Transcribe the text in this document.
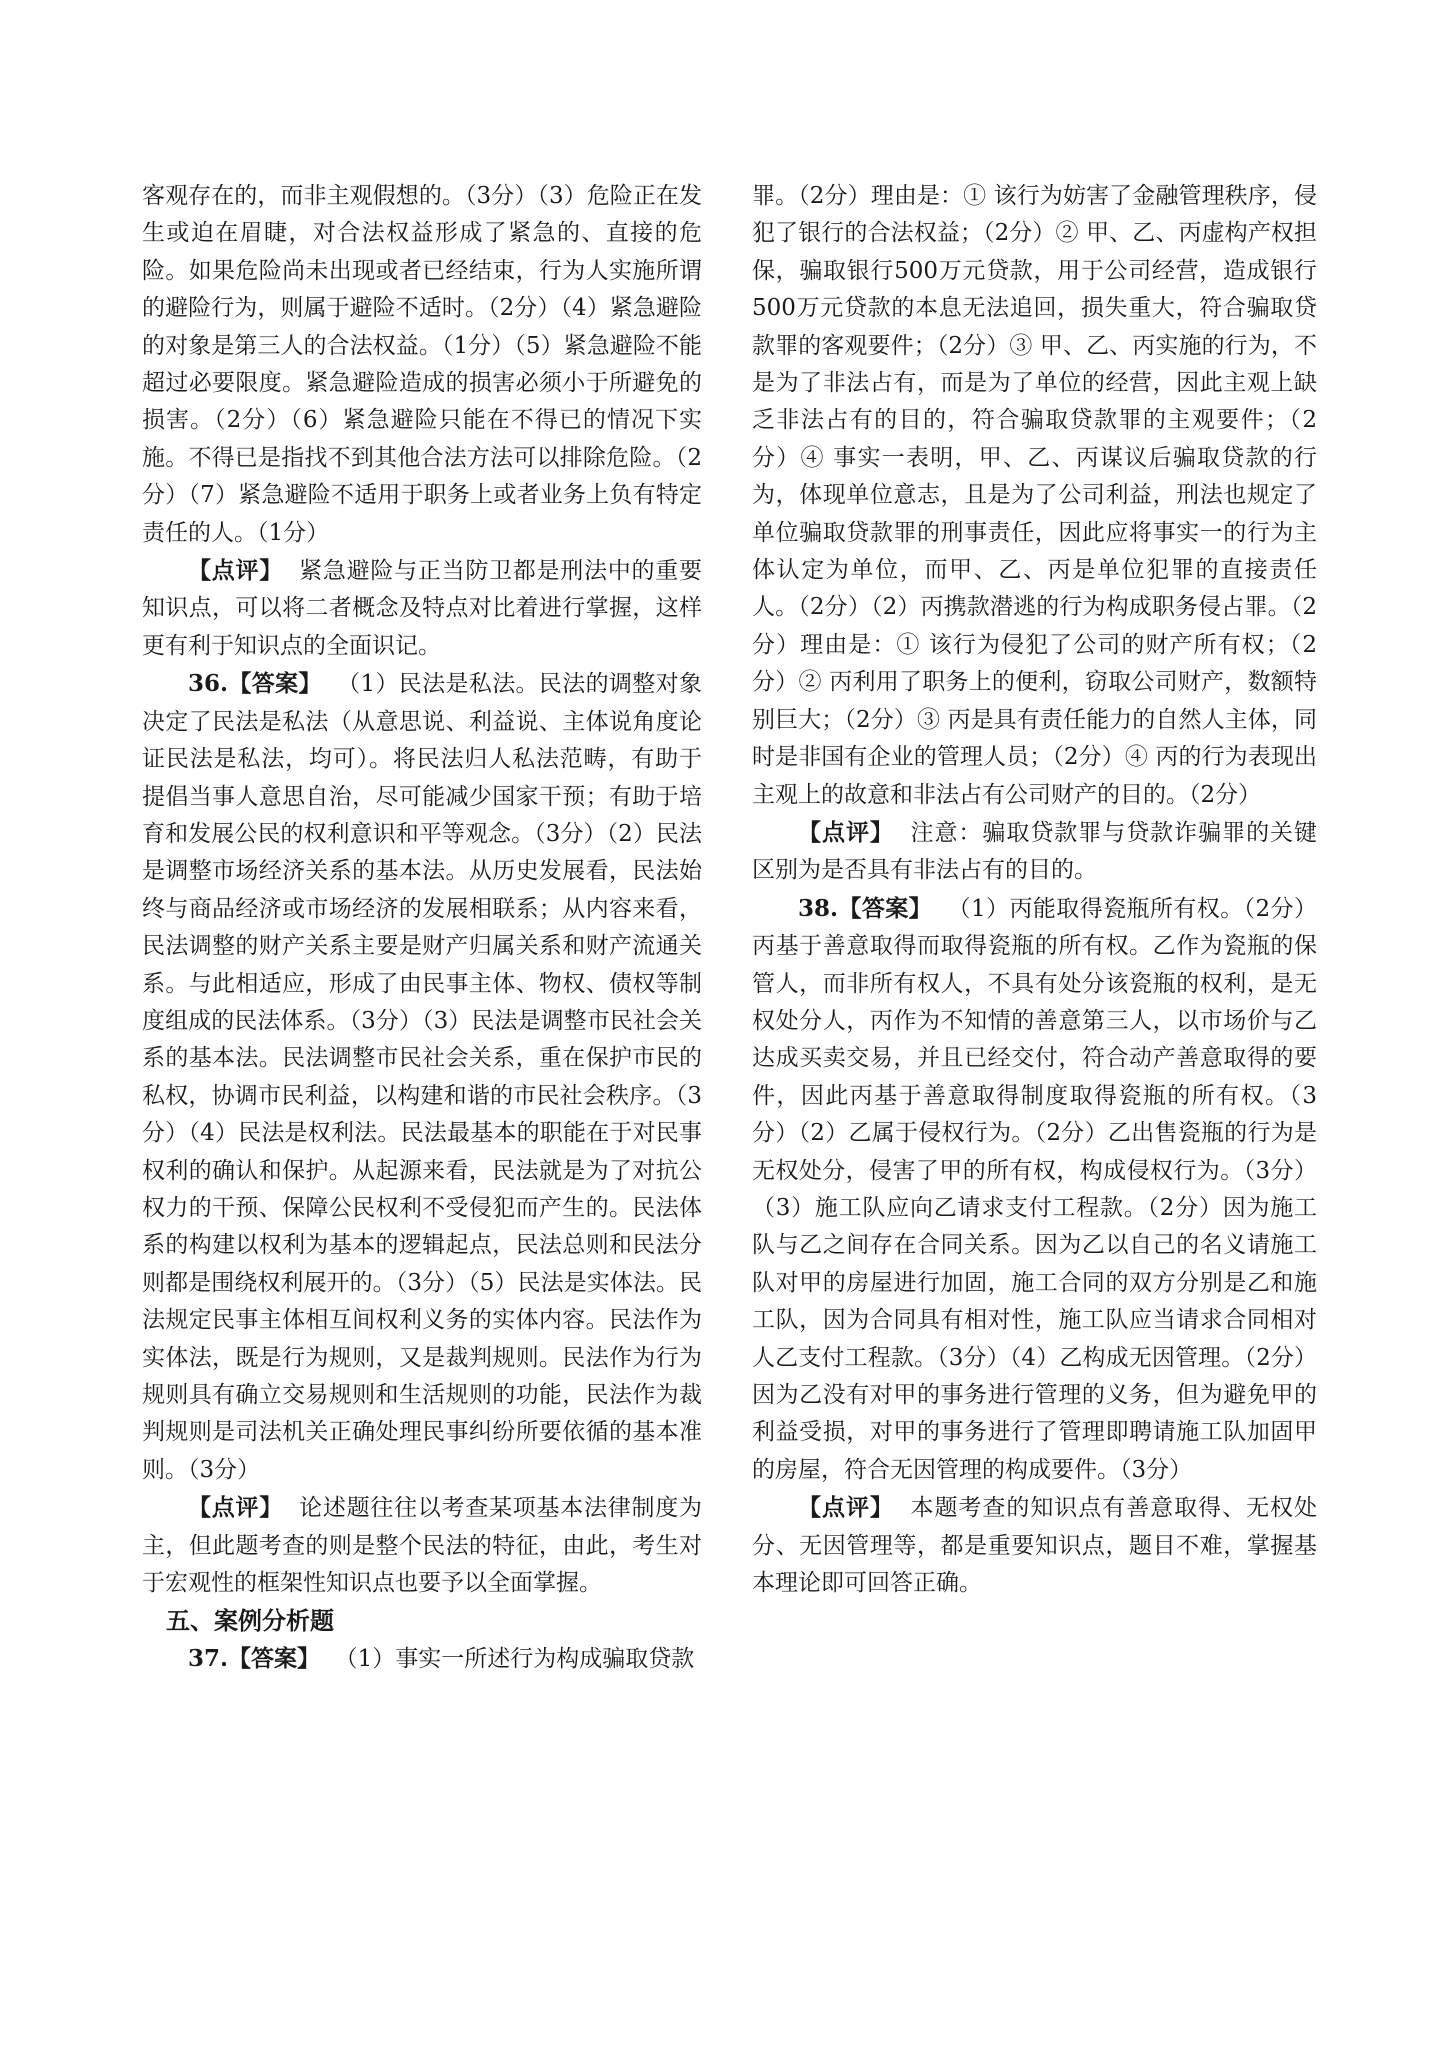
客观存在的，而非主观假想的。（3分）（3）危险正在发生或迫在眉睫，对合法权益形成了紧急的、直接的危险。如果危险尚未出现或者已经结束，行为人实施所谓的避险行为，则属于避险不适时。（2分）（4）紧急避险的对象是第三人的合法权益。（1分）（5）紧急避险不能超过必要限度。紧急避险造成的损害必须小于所避免的损害。（2分）（6）紧急避险只能在不得已的情况下实施。不得已是指找不到其他合法方法可以排除危险。（2分）（7）紧急避险不适用于职务上或者业务上负有特定责任的人。（1分）

【点评】 紧急避险与正当防卫都是刑法中的重要知识点，可以将二者概念及特点对比着进行掌握，这样更有利于知识点的全面识记。

36.【答案】 （1）民法是私法。民法的调整对象决定了民法是私法（从意思说、利益说、主体说角度论证民法是私法，均可）。将民法归人私法范畴，有助于提倡当事人意思自治，尽可能减少国家干预；有助于培育和发展公民的权利意识和平等观念。（3分）（2）民法是调整市场经济关系的基本法。从历史发展看，民法始终与商品经济或市场经济的发展相联系；从内容来看，民法调整的财产关系主要是财产归属关系和财产流通关系。与此相适应，形成了由民事主体、物权、债权等制度组成的民法体系。（3分）（3）民法是调整市民社会关系的基本法。民法调整市民社会关系，重在保护市民的私权，协调市民利益，以构建和谐的市民社会秩序。（3分）（4）民法是权利法。民法最基本的职能在于对民事权利的确认和保护。从起源来看，民法就是为了对抗公权力的干预、保障公民权利不受侵犯而产生的。民法体系的构建以权利为基本的逻辑起点，民法总则和民法分则都是围绕权利展开的。（3分）（5）民法是实体法。民法规定民事主体相互间权利义务的实体内容。民法作为实体法，既是行为规则，又是裁判规则。民法作为行为规则具有确立交易规则和生活规则的功能，民法作为裁判规则是司法机关正确处理民事纠纷所要依循的基本准则。（3分）

【点评】 论述题往往以考查某项基本法律制度为主，但此题考查的则是整个民法的特征，由此，考生对于宏观性的框架性知识点也要予以全面掌握。

五、案例分析题

37.【答案】 （1）事实一所述行为构成骗取贷款

罪。（2分）理由是：① 该行为妨害了金融管理秩序，侵犯了银行的合法权益；（2分）② 甲、乙、丙虚构产权担保，骗取银行500万元贷款，用于公司经营，造成银行500万元贷款的本息无法追回，损失重大，符合骗取贷款罪的客观要件；（2分）③ 甲、乙、丙实施的行为，不是为了非法占有，而是为了单位的经营，因此主观上缺乏非法占有的目的，符合骗取贷款罪的主观要件；（2分）④ 事实一表明，甲、乙、丙谋议后骗取贷款的行为，体现单位意志，且是为了公司利益，刑法也规定了单位骗取贷款罪的刑事责任，因此应将事实一的行为主体认定为单位，而甲、乙、丙是单位犯罪的直接责任人。（2分）（2）丙携款潜逃的行为构成职务侵占罪。（2分）理由是：① 该行为侵犯了公司的财产所有权；（2分）② 丙利用了职务上的便利，窃取公司财产，数额特别巨大；（2分）③ 丙是具有责任能力的自然人主体，同时是非国有企业的管理人员；（2分）④ 丙的行为表现出主观上的故意和非法占有公司财产的目的。（2分）

【点评】 注意：骗取贷款罪与贷款诈骗罪的关键区别为是否具有非法占有的目的。

38.【答案】 （1）丙能取得瓷瓶所有权。（2分）丙基于善意取得而取得瓷瓶的所有权。乙作为瓷瓶的保管人，而非所有权人，不具有处分该瓷瓶的权利，是无权处分人，丙作为不知情的善意第三人，以市场价与乙达成买卖交易，并且已经交付，符合动产善意取得的要件，因此丙基于善意取得制度取得瓷瓶的所有权。（3分）（2）乙属于侵权行为。（2分）乙出售瓷瓶的行为是无权处分，侵害了甲的所有权，构成侵权行为。（3分）（3）施工队应向乙请求支付工程款。（2分）因为施工队与乙之间存在合同关系。因为乙以自己的名义请施工队对甲的房屋进行加固，施工合同的双方分别是乙和施工队，因为合同具有相对性，施工队应当请求合同相对人乙支付工程款。（3分）（4）乙构成无因管理。（2分）因为乙没有对甲的事务进行管理的义务，但为避免甲的利益受损，对甲的事务进行了管理即聘请施工队加固甲的房屋，符合无因管理的构成要件。（3分）

【点评】 本题考查的知识点有善意取得、无权处分、无因管理等，都是重要知识点，题目不难，掌握基本理论即可回答正确。
